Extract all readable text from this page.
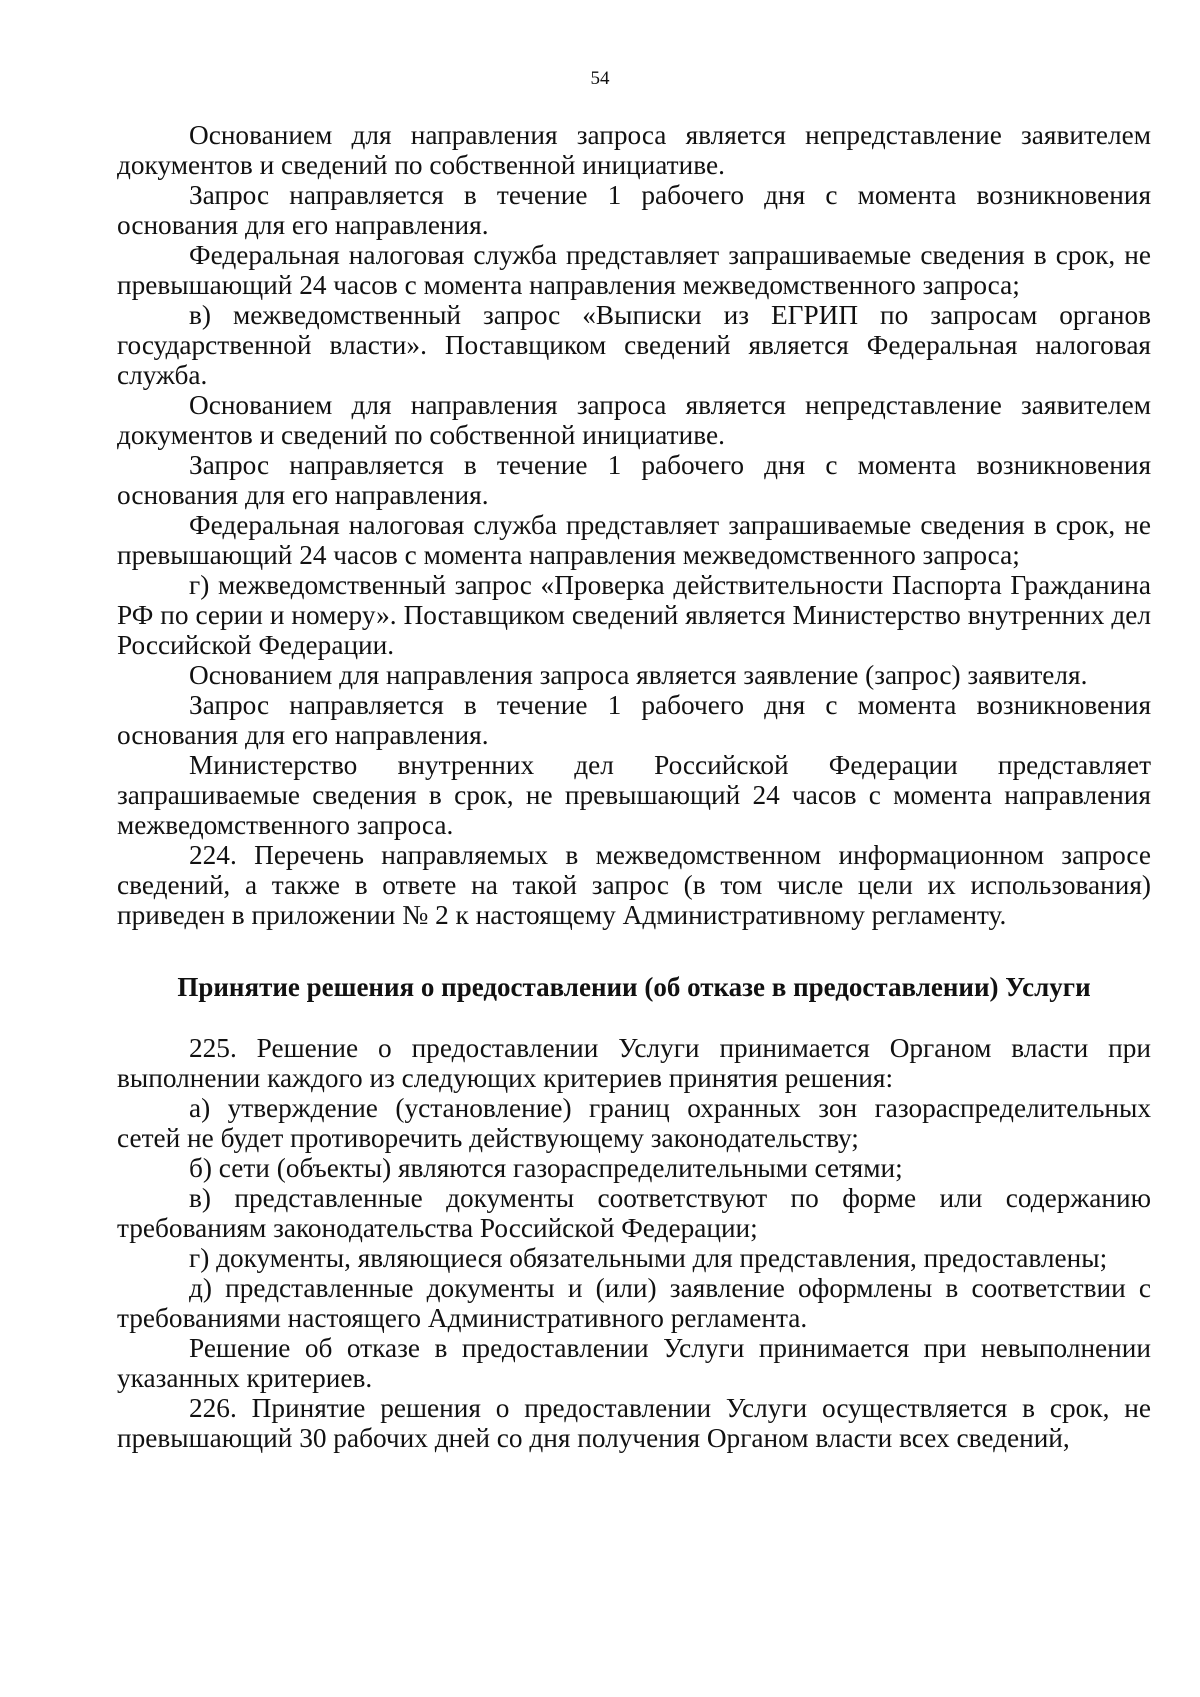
54

Основанием для направления запроса является непредставление заявителем документов и сведений по собственной инициативе.

Запрос направляется в течение 1 рабочего дня с момента возникновения основания для его направления.

Федеральная налоговая служба представляет запрашиваемые сведения в срок, не превышающий 24 часов с момента направления межведомственного запроса;

в) межведомственный запрос «Выписки из ЕГРИП по запросам органов государственной власти». Поставщиком сведений является Федеральная налоговая служба.

Основанием для направления запроса является непредставление заявителем документов и сведений по собственной инициативе.

Запрос направляется в течение 1 рабочего дня с момента возникновения основания для его направления.

Федеральная налоговая служба представляет запрашиваемые сведения в срок, не превышающий 24 часов с момента направления межведомственного запроса;

г) межведомственный запрос «Проверка действительности Паспорта Гражданина РФ по серии и номеру». Поставщиком сведений является Министерство внутренних дел Российской Федерации.

Основанием для направления запроса является заявление (запрос) заявителя.

Запрос направляется в течение 1 рабочего дня с момента возникновения основания для его направления.

Министерство внутренних дел Российской Федерации представляет запрашиваемые сведения в срок, не превышающий 24 часов с момента направления межведомственного запроса.

224. Перечень направляемых в межведомственном информационном запросе сведений, а также в ответе на такой запрос (в том числе цели их использования) приведен в приложении № 2 к настоящему Административному регламенту.

Принятие решения о предоставлении (об отказе в предоставлении) Услуги

225. Решение о предоставлении Услуги принимается Органом власти при выполнении каждого из следующих критериев принятия решения:

а) утверждение (установление) границ охранных зон газораспределительных сетей не будет противоречить действующему законодательству;

б) сети (объекты) являются газораспределительными сетями;

в) представленные документы соответствуют по форме или содержанию требованиям законодательства Российской Федерации;

г) документы, являющиеся обязательными для представления, предоставлены;

д) представленные документы и (или) заявление оформлены в соответствии с требованиями настоящего Административного регламента.

Решение об отказе в предоставлении Услуги принимается при невыполнении указанных критериев.

226. Принятие решения о предоставлении Услуги осуществляется в срок, не превышающий 30 рабочих дней со дня получения Органом власти всех сведений,
